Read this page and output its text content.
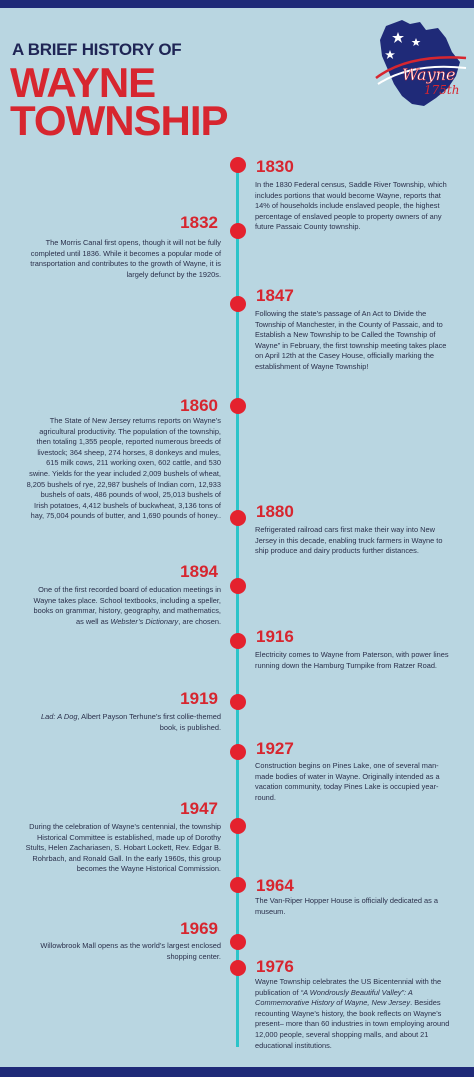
A BRIEF HISTORY OF
WAYNE
TOWNSHIP
Wayne
175th
1830
In the 1830 Federal census, Saddle River Township, which includes portions that would become Wayne, reports that 14% of households include enslaved people, the highest percentage of enslaved people to property owners of any future Passaic County township.
1832
The Morris Canal first opens, though it will not be fully completed until 1836. While it becomes a popular mode of transportation and contributes to the growth of Wayne, it is largely defunct by the 1920s.
1847
Following the state’s passage of An Act to Divide the Township of Manchester, in the County of Passaic, and to Establish a New Township to be Called the Township of Wayne” in February, the first township meeting takes place on April 12th at the Casey House, officially marking the establishment of Wayne Township!
1860
The State of New Jersey returns reports on Wayne’s agricultural productivity. The population of the township, then totaling 1,355 people, reported numerous breeds of livestock; 364 sheep, 274 horses, 8 donkeys and mules, 615 milk cows, 211 working oxen, 602 cattle, and 530 swine. Yields for the year included 2,009 bushels of wheat, 8,205 bushels of rye, 22,987 bushels of Indian corn, 12,933 bushels of oats, 486 pounds of wool, 25,013 bushels of Irish potatoes, 4,412 bushels of buckwheat, 3,136 tons of hay, 75,004 pounds of butter, and 1,690 pounds of honey.. 1880
Refrigerated railroad cars first make their way into New Jersey in this decade, enabling truck farmers in Wayne to ship produce and dairy products further distances.
1894
One of the first recorded board of education meetings in Wayne takes place. School textbooks, including a speller, books on grammar, history, geography, and mathematics, as well as Webster’s Dictionary, are chosen.
1916
Electricity comes to Wayne from Paterson, with power lines running down the Hamburg Turnpike from Ratzer Road.
1919
Lad: A Dog, Albert Payson Terhune’s first collie-themed book, is published.
1927
Construction begins on Pines Lake, one of several man-made bodies of water in Wayne. Originally intended as a vacation community, today Pines Lake is occupied year-round.
1947
During the celebration of Wayne’s centennial, the township Historical Committee is established, made up of Dorothy Stults, Helen Zachariasen, S. Hobart Lockett, Rev. Edgar B. Rohrbach, and Ronald Gall. In the early 1960s, this group becomes the Wayne Historical Commission.
1964
The Van-Riper Hopper House is officially dedicated as a museum.
1969
Willowbrook Mall opens as the world’s largest enclosed shopping center.
1976
Wayne Township celebrates the US Bicentennial with the publication of “A Wondrously Beautiful Valley”: A Commemorative History of Wayne, New Jersey. Besides recounting Wayne’s history, the book reflects on Wayne’s present– more than 60 industries in town employing around 12,000 people, several shopping malls, and about 21 educational institutions.
